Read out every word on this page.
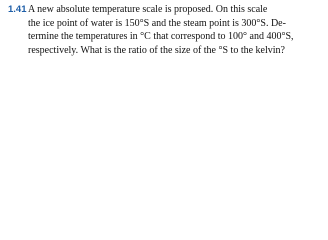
1.41 A new absolute temperature scale is proposed. On this scale
the ice point of water is 150°S and the steam point is 300°S. De-
termine the temperatures in °C that correspond to 100° and 400°S,
respectively. What is the ratio of the size of the °S to the kelvin?
